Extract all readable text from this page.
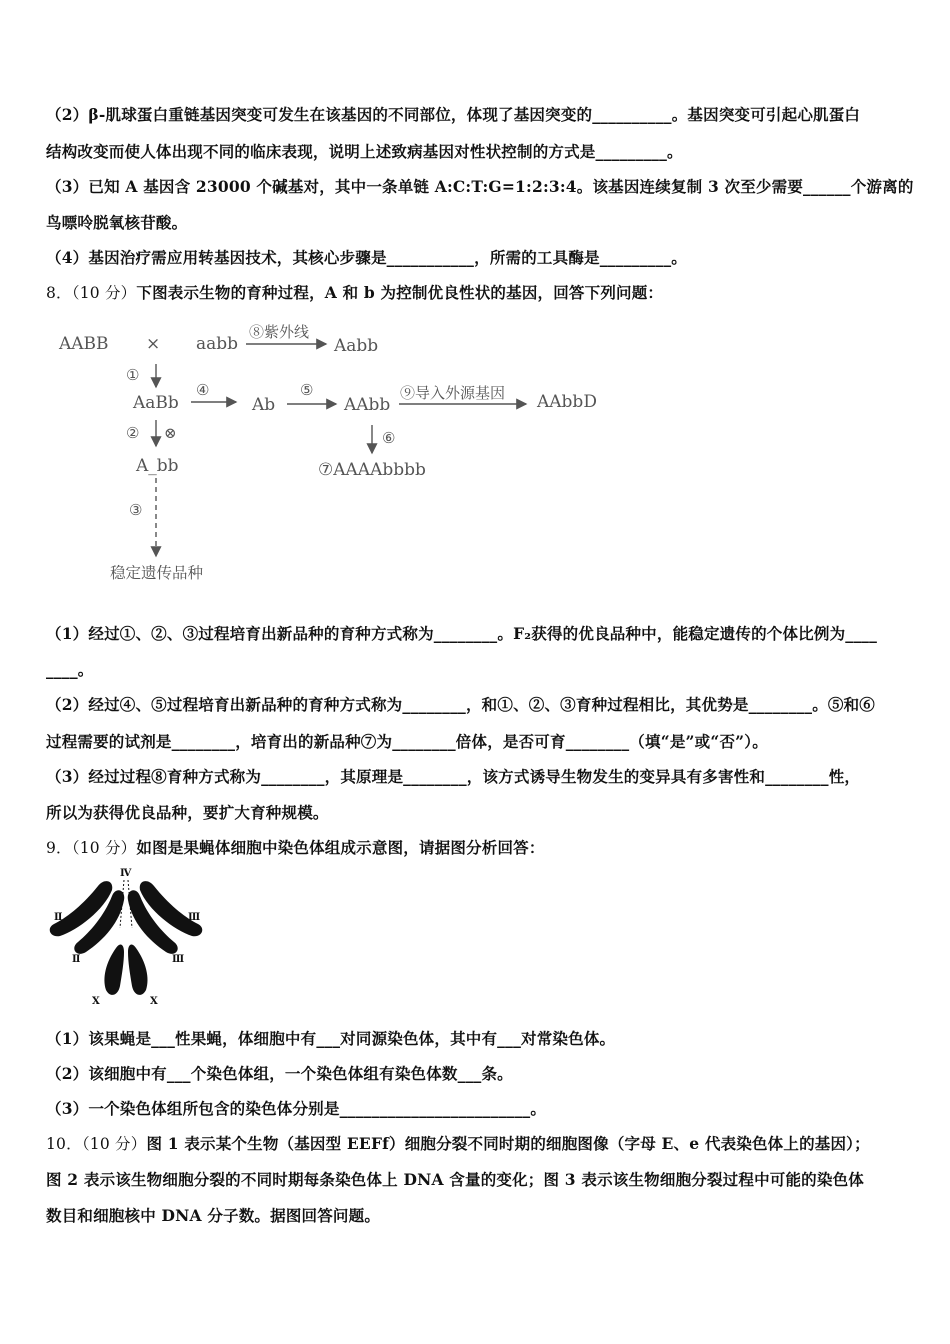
（2）β-肌球蛋白重链基因突变可发生在该基因的不同部位，体现了基因突变的__________。基因突变可引起心肌蛋白
结构改变而使人体出现不同的临床表现，说明上述致病基因对性状控制的方式是_________。
（3）已知 A 基因含 23000 个碱基对，其中一条单链 A:C:T:G=1:2:3:4。该基因连续复制 3 次至少需要______个游离的
鸟嘌呤脱氧核苷酸。
（4）基因治疗需应用转基因技术，其核心步骤是___________，所需的工具酶是_________。
8．（10 分）下图表示生物的育种过程，A 和 b 为控制优良性状的基因，回答下列问题：
AABB × aabb	Aabb
AaBb	Ab	AAbb	AAbbD
A_bb	⑦AAAAbbbb
稳定遗传品种
⑧紫外线
①
④	⑤	⑨导入外源基因
② ⊗	⑥
③
（1）经过①、②、③过程培育出新品种的育种方式称为________。F₂获得的优良品种中，能稳定遗传的个体比例为____
____。
（2）经过④、⑤过程培育出新品种的育种方式称为________，和①、②、③育种过程相比，其优势是________。⑤和⑥
过程需要的试剂是________，培育出的新品种⑦为________倍体，是否可育________（填“是”或“否”）。
（3）经过过程⑧育种方式称为________，其原理是________，该方式诱导生物发生的变异具有多害性和________性，
所以为获得优良品种，要扩大育种规模。
9．（10 分）如图是果蝇体细胞中染色体组成示意图，请据图分析回答：
Ⅳ
Ⅱ
Ⅱ
Ⅲ
Ⅲ
X	X
（1）该果蝇是___性果蝇，体细胞中有___对同源染色体，其中有___对常染色体。
（2）该细胞中有___个染色体组，一个染色体组有染色体数___条。
（3）一个染色体组所包含的染色体分别是________________________。
10．（10 分）图 1 表示某个生物（基因型 EEFf）细胞分裂不同时期的细胞图像（字母 E、e 代表染色体上的基因）；
图 2 表示该生物细胞分裂的不同时期每条染色体上 DNA 含量的变化；图 3 表示该生物细胞分裂过程中可能的染色体
数目和细胞核中 DNA 分子数。据图回答问题。
